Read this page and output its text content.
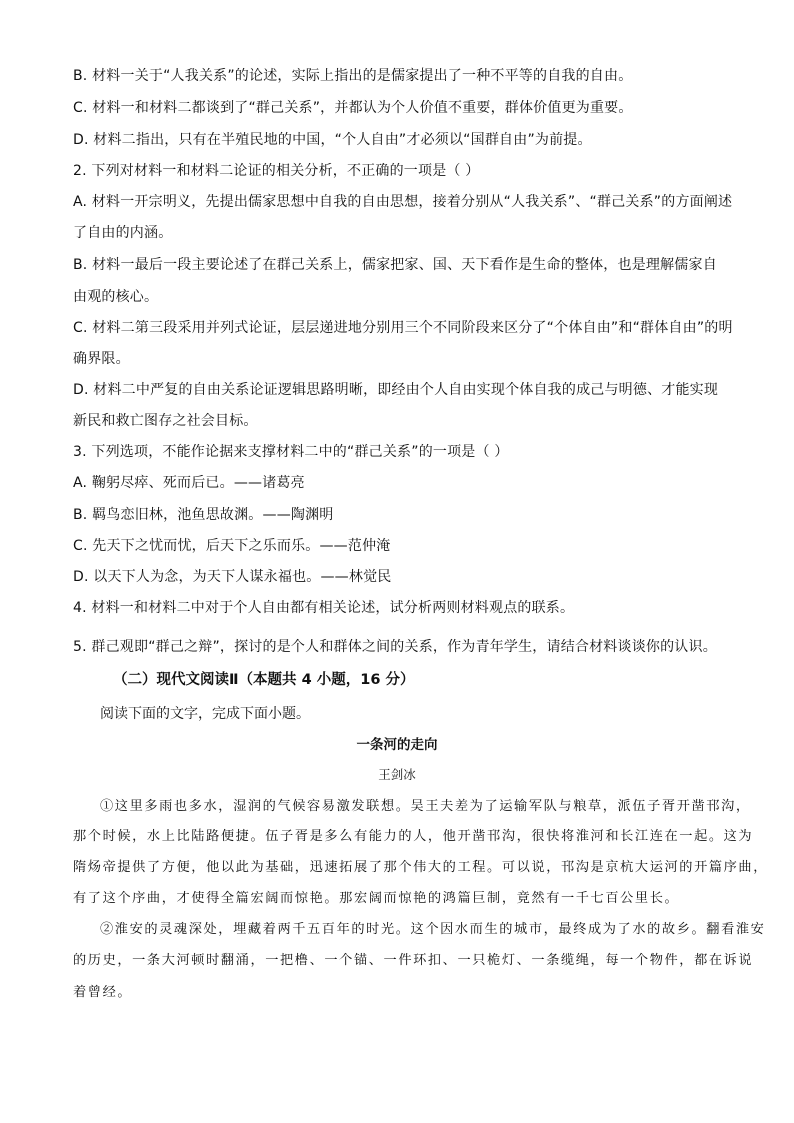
B. 材料一关于“人我关系”的论述，实际上指出的是儒家提出了一种不平等的自我的自由。
C. 材料一和材料二都谈到了“群己关系”，并都认为个人价值不重要，群体价值更为重要。
D. 材料二指出，只有在半殖民地的中国，“个人自由”才必须以“国群自由”为前提。
2. 下列对材料一和材料二论证的相关分析，不正确的一项是（ ）
A. 材料一开宗明义，先提出儒家思想中自我的自由思想，接着分别从“人我关系”、“群己关系”的方面阐述
了自由的内涵。
B. 材料一最后一段主要论述了在群己关系上，儒家把家、国、天下看作是生命的整体，也是理解儒家自
由观的核心。
C. 材料二第三段采用并列式论证，层层递进地分别用三个不同阶段来区分了“个体自由”和“群体自由”的明
确界限。
D. 材料二中严复的自由关系论证逻辑思路明晰，即经由个人自由实现个体自我的成己与明德、才能实现
新民和救亡图存之社会目标。
3. 下列选项，不能作论据来支撑材料二中的“群己关系”的一项是（ ）
A. 鞠躬尽瘁、死而后已。——诸葛亮
B. 羁鸟恋旧林，池鱼思故渊。——陶渊明
C. 先天下之忧而忧，后天下之乐而乐。——范仲淹
D. 以天下人为念，为天下人谋永福也。——林觉民
4. 材料一和材料二中对于个人自由都有相关论述，试分析两则材料观点的联系。
5. 群己观即“群己之辩”，探讨的是个人和群体之间的关系，作为青年学生，请结合材料谈谈你的认识。
（二）现代文阅读Ⅱ（本题共 4 小题，16 分）
阅读下面的文字，完成下面小题。
一条河的走向
王剑冰
①这里多雨也多水，湿润的气候容易激发联想。吴王夫差为了运输军队与粮草，派伍子胥开凿邗沟，
那个时候，水上比陆路便捷。伍子胥是多么有能力的人，他开凿邗沟，很快将淮河和长江连在一起。这为
隋炀帝提供了方便，他以此为基础，迅速拓展了那个伟大的工程。可以说，邗沟是京杭大运河的开篇序曲，
有了这个序曲，才使得全篇宏阔而惊艳。那宏阔而惊艳的鸿篇巨制，竟然有一千七百公里长。
②淮安的灵魂深处，埋藏着两千五百年的时光。这个因水而生的城市，最终成为了水的故乡。翻看淮安
的历史，一条大河顿时翻涌，一把橹、一个锚、一件环扣、一只桅灯、一条缆绳，每一个物件，都在诉说
着曾经。
